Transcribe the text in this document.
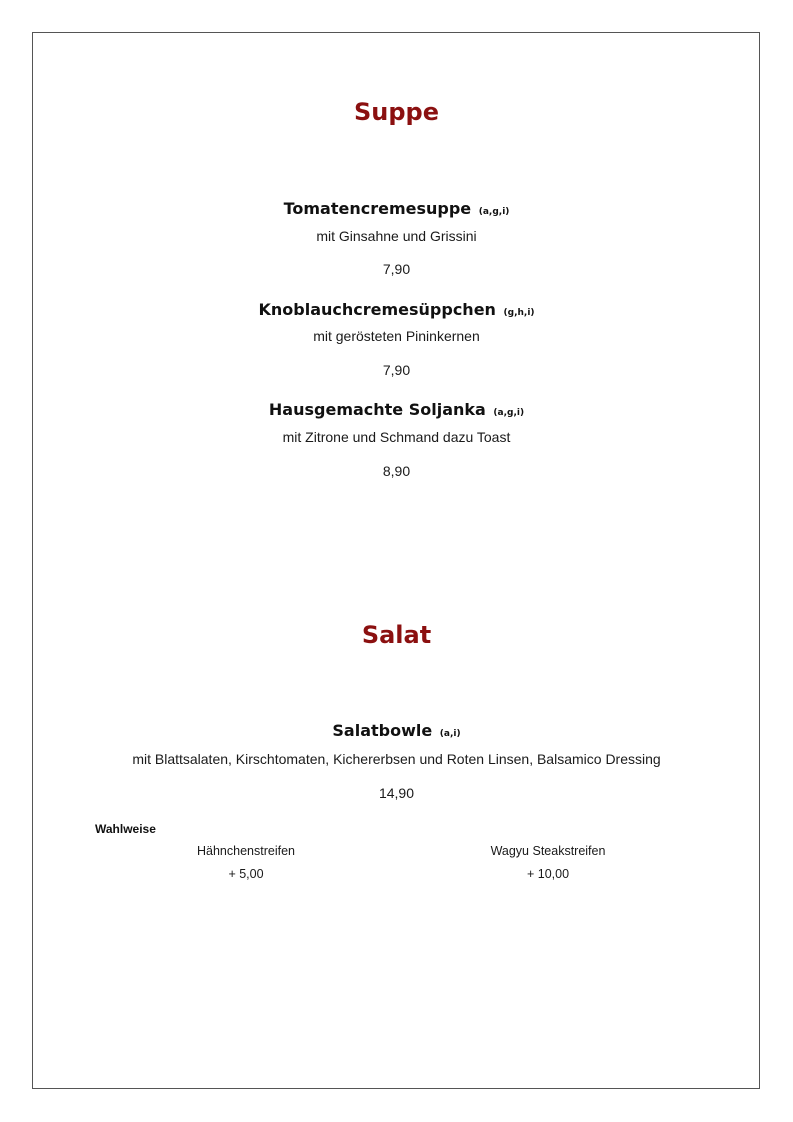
Suppe
Tomatencremesuppe (a,g,i)

mit Ginsahne und Grissini

7,90

Knoblauchcremesüppchen (g,h,i)

mit gerösteten Pininkernen

7,90

Hausgemachte Soljanka (a,g,i)

mit Zitrone und Schmand dazu Toast

8,90

Salat
Salatbowle (a,i)

mit Blattsalaten, Kirschtomaten, Kichererbsen und Roten Linsen, Balsamico Dressing

14,90

Wahlweise

Hähnchenstreifen
+ 5,00
Wagyu Steakstreifen
+ 10,00
